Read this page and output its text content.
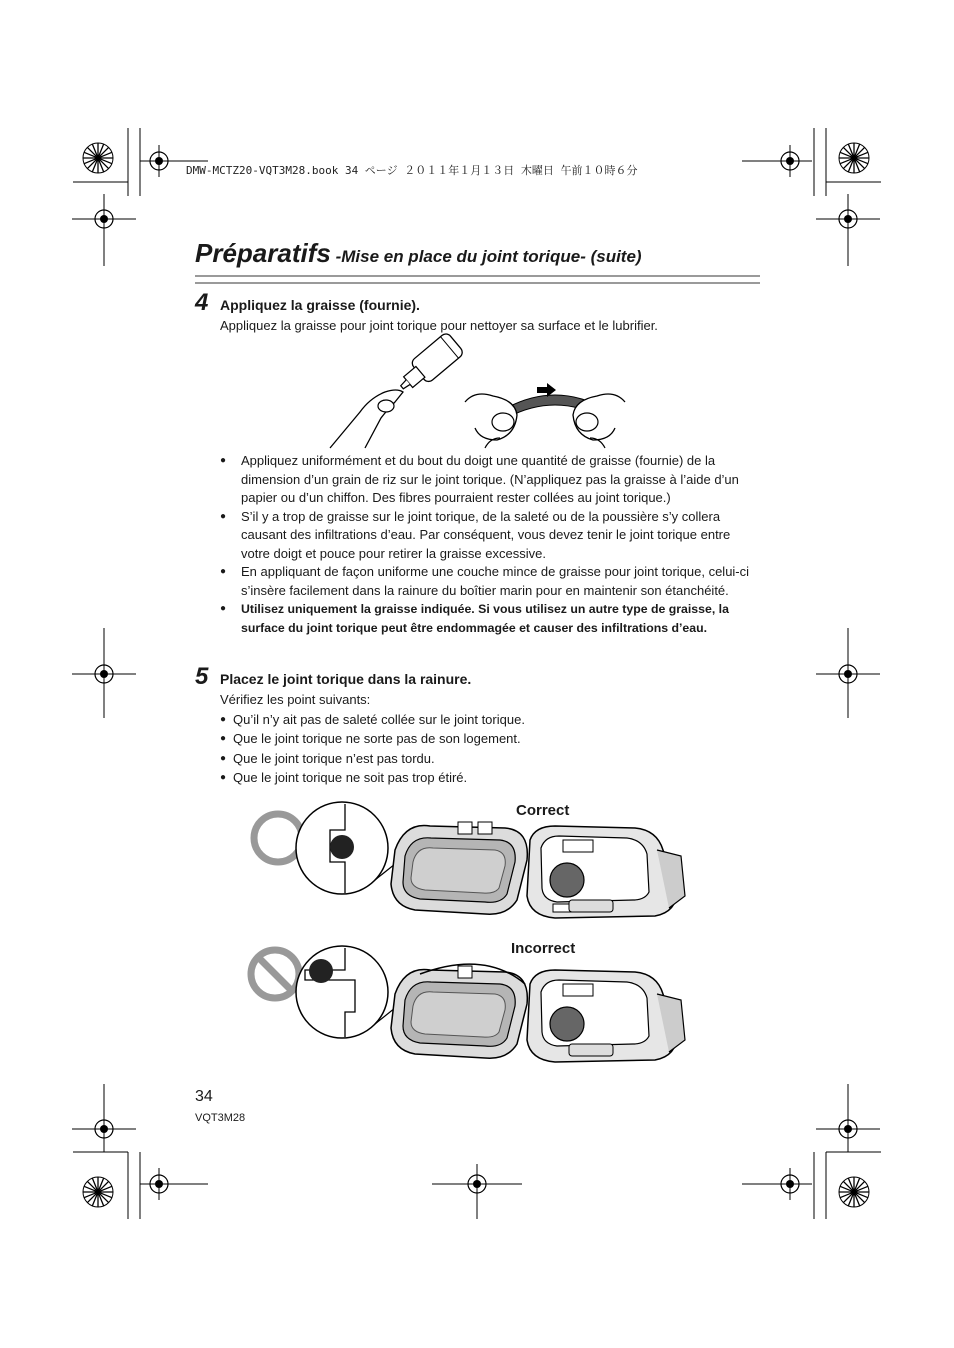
DMW-MCTZ20-VQT3M28.book 34 ページ ２０１１年１月１３日 木曜日 午前１０時６分
Préparatifs -Mise en place du joint torique- (suite)
4 Appliquez la graisse (fournie).
Appliquez la graisse pour joint torique pour nettoyer sa surface et le lubrifier.
● Appliquez uniformément et du bout du doigt une quantité de graisse (fournie) de la dimension d’un grain de riz sur le joint torique. (N’appliquez pas la graisse à l’aide d’un papier ou d’un chiffon. Des fibres pourraient rester collées au joint torique.)
● S’il y a trop de graisse sur le joint torique, de la saleté ou de la poussière s’y collera causant des infiltrations d’eau. Par conséquent, vous devez tenir le joint torique entre votre doigt et pouce pour retirer la graisse excessive.
● En appliquant de façon uniforme une couche mince de graisse pour joint torique, celui-ci s’insère facilement dans la rainure du boîtier marin pour en maintenir son étanchéité.
● Utilisez uniquement la graisse indiquée. Si vous utilisez un autre type de graisse, la surface du joint torique peut être endommagée et causer des infiltrations d’eau.
5 Placez le joint torique dans la rainure.
Vérifiez les point suivants:
● Qu’il n’y ait pas de saleté collée sur le joint torique.
● Que le joint torique ne sorte pas de son logement.
● Que le joint torique n’est pas tordu.
● Que le joint torique ne soit pas trop étiré.
Correct
Incorrect
34
VQT3M28
